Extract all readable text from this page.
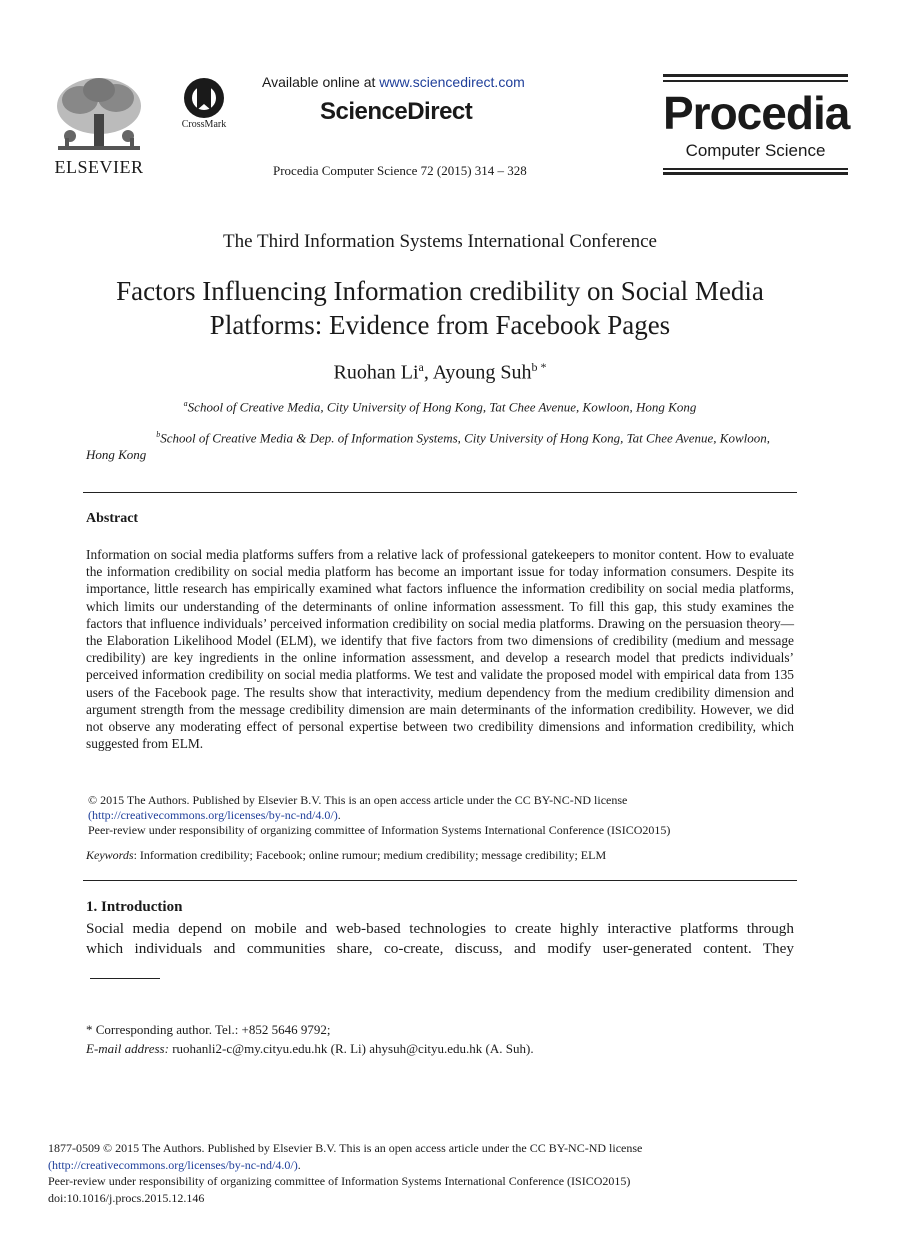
ELSEVIER
CrossMark
Available online at www.sciencedirect.com
ScienceDirect
Procedia Computer Science 72 (2015) 314 – 328
Procedia
Computer Science
The Third Information Systems International Conference
Factors Influencing Information credibility on Social Media
Platforms: Evidence from Facebook Pages
Ruohan Li$^a$, Ayoung Suh$^{b *}$
$^a$School of Creative Media, City University of Hong Kong, Tat Chee Avenue, Kowloon, Hong Kong
$^b$School of Creative Media & Dep. of Information Systems, City University of Hong Kong, Tat Chee Avenue, Kowloon,
Hong Kong
Abstract
Information on social media platforms suffers from a relative lack of professional gatekeepers to monitor content. How to evaluate the information credibility on social media platform has become an important issue for today information consumers. Despite its importance, little research has empirically examined what factors influence the information credibility on social media platforms, which limits our understanding of the determinants of online information assessment. To fill this gap, this study examines the factors that influence individuals’ perceived information credibility on social media platforms. Drawing on the persuasion theory—the Elaboration Likelihood Model (ELM), we identify that five factors from two dimensions of credibility (medium and message credibility) are key ingredients in the online information assessment, and develop a research model that predicts individuals’ perceived information credibility on social media platforms. We test and validate the proposed model with empirical data from 135 users of the Facebook page. The results show that interactivity, medium dependency from the medium credibility dimension and argument strength from the message credibility dimension are main determinants of the information credibility. However, we did not observe any moderating effect of personal expertise between two credibility dimensions and information credibility, which suggested from ELM.
© 2015 The Authors. Published by Elsevier B.V. This is an open access article under the CC BY-NC-ND license
(http://creativecommons.org/licenses/by-nc-nd/4.0/).
Peer-review under responsibility of organizing committee of Information Systems International Conference (ISICO2015)
Keywords: Information credibility; Facebook; online rumour; medium credibility; message credibility; ELM
1. Introduction
Social media depend on mobile and web-based technologies to create highly interactive platforms through
which individuals and communities share, co-create, discuss, and modify user-generated content. They
* Corresponding author. Tel.: +852 5646 9792;
E-mail address: ruohanli2-c@my.cityu.edu.hk (R. Li) ahysuh@cityu.edu.hk (A. Suh).
1877-0509 © 2015 The Authors. Published by Elsevier B.V. This is an open access article under the CC BY-NC-ND license
(http://creativecommons.org/licenses/by-nc-nd/4.0/).
Peer-review under responsibility of organizing committee of Information Systems International Conference (ISICO2015)
doi:10.1016/j.procs.2015.12.146
